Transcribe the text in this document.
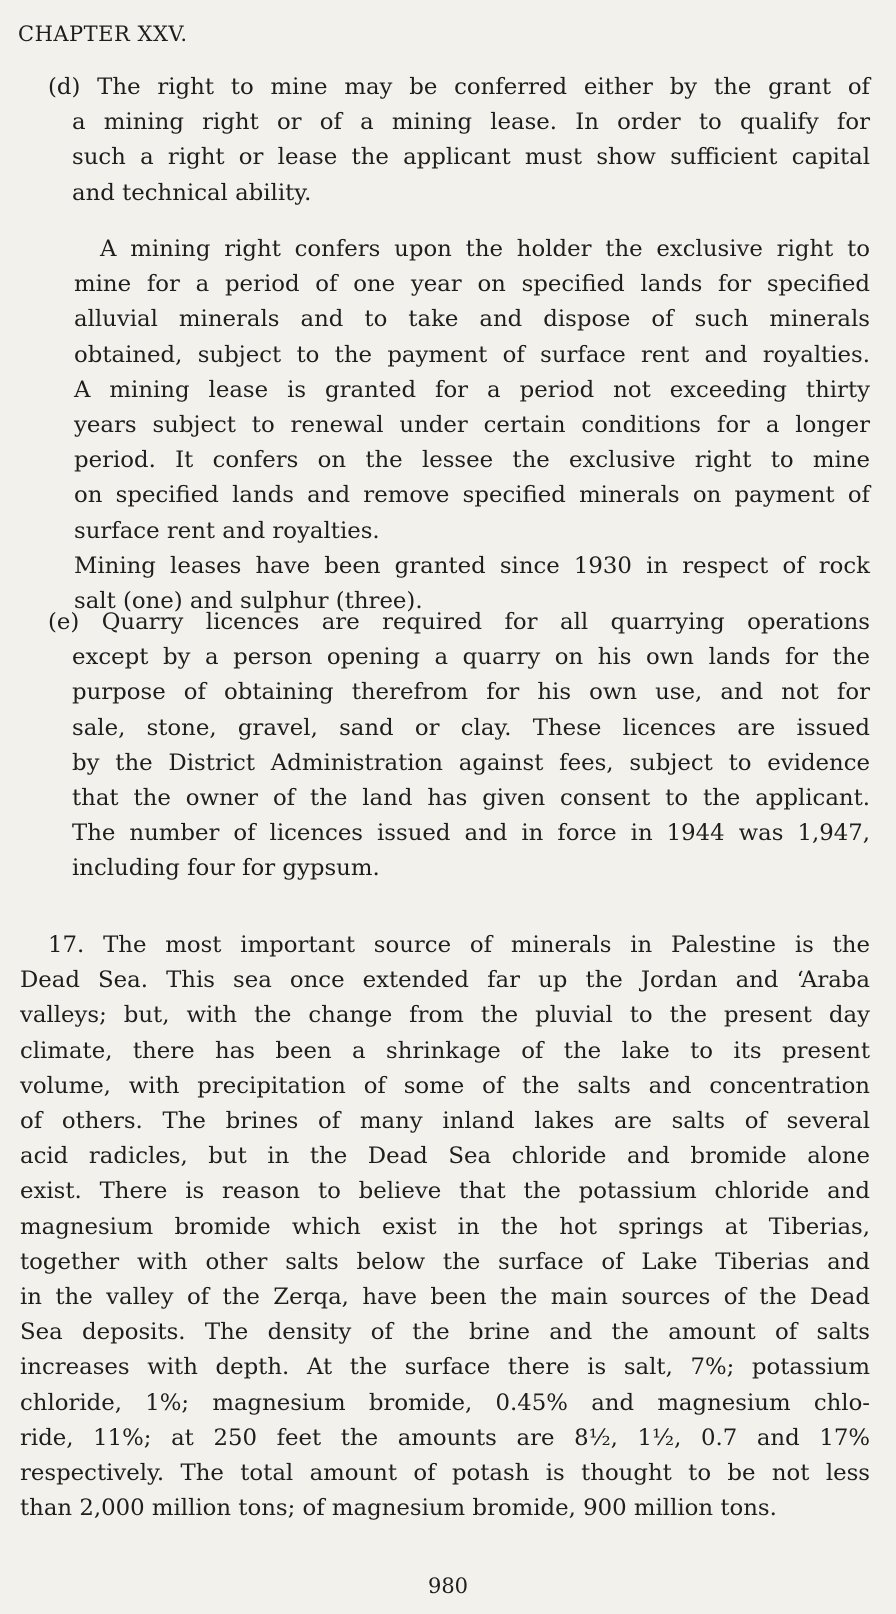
CHAPTER XXV.
(d) The right to mine may be conferred either by the grant of
a mining right or of a mining lease. In order to qualify for
such a right or lease the applicant must show sufficient capital
and technical ability.
A mining right confers upon the holder the exclusive right to
mine for a period of one year on specified lands for specified
alluvial minerals and to take and dispose of such minerals
obtained, subject to the payment of surface rent and royalties.
A mining lease is granted for a period not exceeding thirty
years subject to renewal under certain conditions for a longer
period. It confers on the lessee the exclusive right to mine
on specified lands and remove specified minerals on payment of
surface rent and royalties.
Mining leases have been granted since 1930 in respect of rock
salt (one) and sulphur (three).
(e) Quarry licences are required for all quarrying operations
except by a person opening a quarry on his own lands for the
purpose of obtaining therefrom for his own use, and not for
sale, stone, gravel, sand or clay. These licences are issued
by the District Administration against fees, subject to evidence
that the owner of the land has given consent to the applicant.
The number of licences issued and in force in 1944 was 1,947,
including four for gypsum.
17. The most important source of minerals in Palestine is the
Dead Sea. This sea once extended far up the Jordan and ‘Araba
valleys; but, with the change from the pluvial to the present day
climate, there has been a shrinkage of the lake to its present
volume, with precipitation of some of the salts and concentration
of others. The brines of many inland lakes are salts of several
acid radicles, but in the Dead Sea chloride and bromide alone
exist. There is reason to believe that the potassium chloride and
magnesium bromide which exist in the hot springs at Tiberias,
together with other salts below the surface of Lake Tiberias and
in the valley of the Zerqa, have been the main sources of the Dead
Sea deposits. The density of the brine and the amount of salts
increases with depth. At the surface there is salt, 7%; potassium
chloride, 1%; magnesium bromide, 0.45% and magnesium chlo-
ride, 11%; at 250 feet the amounts are 8½, 1½, 0.7 and 17%
respectively. The total amount of potash is thought to be not less
than 2,000 million tons; of magnesium bromide, 900 million tons.
980
